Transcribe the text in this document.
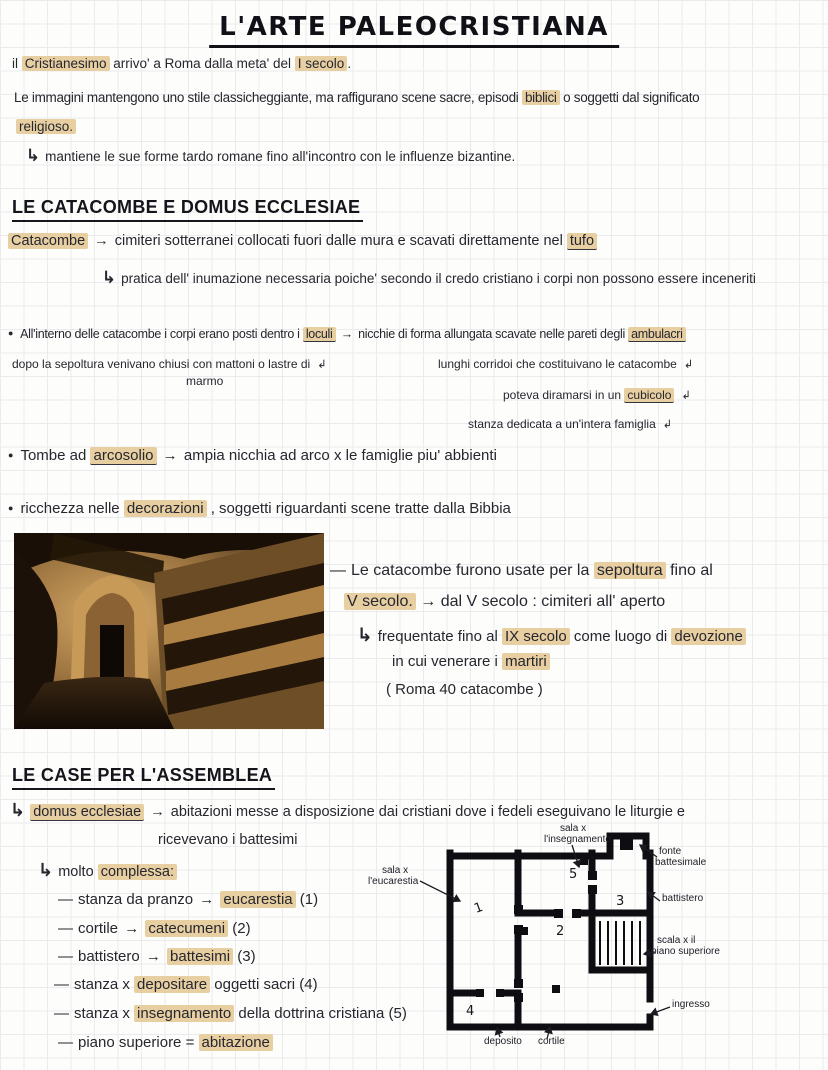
L'ARTE PALEOCRISTIANA
il Cristianesimo arrivo' a Roma dalla meta' del I secolo .
Le immagini mantengono uno stile classicheggiante, ma raffigurano scene sacre, episodi biblici o soggetti dal significato
religioso.
↳ mantiene le sue forme tardo romane fino all'incontro con le influenze bizantine.
LE CATACOMBE E DOMUS ECCLESIAE
Catacombe → cimiteri sotterranei collocati fuori dalle mura e scavati direttamente nel tufo
↳ pratica dell' inumazione necessaria poiche' secondo il credo cristiano i corpi non possono essere inceneriti
● All'interno delle catacombe i corpi erano posti dentro i loculi → nicchie di forma allungata scavate nelle pareti degli ambulacri
dopo la sepoltura venivano chiusi con mattoni o lastre di ↲
marmo
lunghi corridoi che costituivano le catacombe ↲
poteva diramarsi in un cubicolo ↲
stanza dedicata a un'intera famiglia ↲
● Tombe ad arcosolio → ampia nicchia ad arco x le famiglie piu' abbienti
● ricchezza nelle decorazioni , soggetti riguardanti scene tratte dalla Bibbia
— Le catacombe furono usate per la sepoltura fino al
V secolo. → dal V secolo : cimiteri all' aperto
↳ frequentate fino al IX secolo come luogo di devozione
in cui venerare i martiri
( Roma 40 catacombe )
LE CASE PER L'ASSEMBLEA
↳ domus ecclesiae → abitazioni messe a disposizione dai cristiani dove i fedeli eseguivano le liturgie e
ricevevano i battesimi
↳ molto complessa:
— stanza da pranzo → eucarestia (1)
— cortile → catecumeni (2)
— battistero → battesimi (3)
— stanza x depositare oggetti sacri (4)
— stanza x insegnamento della dottrina cristiana (5)
— piano superiore = abitazione
1
5
3
2
4
sala x
l'insegnamento
fonte
battesimale
sala x
l'eucarestia
battistero
scala x il
piano superiore
ingresso
deposito cortile
